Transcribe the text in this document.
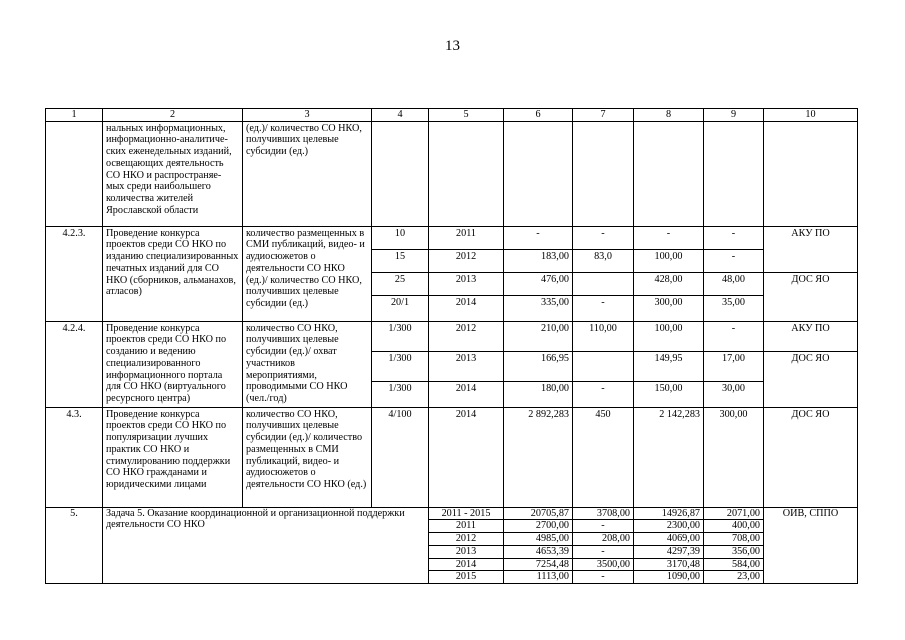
13
1	2	3	4	5	6	7	8	9	10
	нальных информационных, информационно-аналитиче-ских еженедельных изданий, освещающих деятельность СО НКО и распространяе-мых среди наибольшего количества жителей Ярославской области	(ед.)/ количество СО НКО, получивших целевые субсидии (ед.)							
4.2.3.	Проведение конкурса проектов среди СО НКО по изданию специализированных печатных изданий для СО НКО (сборников, альманахов, атласов)	количество размещенных в СМИ публикаций, видео- и аудиосюжетов о деятельности СО НКО (ед.)/ количество СО НКО, получивших целевые субсидии (ед.)	10	2011	-	-	-	-	АКУ ПО
			15	2012	183,00	83,0	100,00	-	
			25	2013	476,00		428,00	48,00	ДОС ЯО
			20/1	2014	335,00	-	300,00	35,00	
4.2.4.	Проведение конкурса проектов среди СО НКО по созданию и ведению специализированного информационного портала для СО НКО (виртуального ресурсного центра)	количество СО НКО, получивших целевые субсидии (ед.)/ охват участников мероприятиями, проводимыми СО НКО (чел./год)	1/300	2012	210,00	110,00	100,00	-	АКУ ПО
			1/300	2013	166,95		149,95	17,00	ДОС ЯО
			1/300	2014	180,00	-	150,00	30,00	
4.3.	Проведение конкурса проектов среди СО НКО по популяризации лучших практик СО НКО и стимулированию поддержки СО НКО гражданами и юридическими лицами	количество СО НКО, получивших целевые субсидии (ед.)/ количество размещенных в СМИ публикаций, видео- и аудиосюжетов о деятельности СО НКО (ед.)	4/100	2014	2 892,283	450	2 142,283	300,00	ДОС ЯО
5.	Задача 5. Оказание координационной и организационной поддержки деятельности СО НКО			2011 - 2015	20705,87	3708,00	14926,87	2071,00	ОИВ, СППО
				2011	2700,00	-	2300,00	400,00	
				2012	4985,00	208,00	4069,00	708,00	
				2013	4653,39	-	4297,39	356,00	
				2014	7254,48	3500,00	3170,48	584,00	
				2015	1113,00	-	1090,00	23,00	
